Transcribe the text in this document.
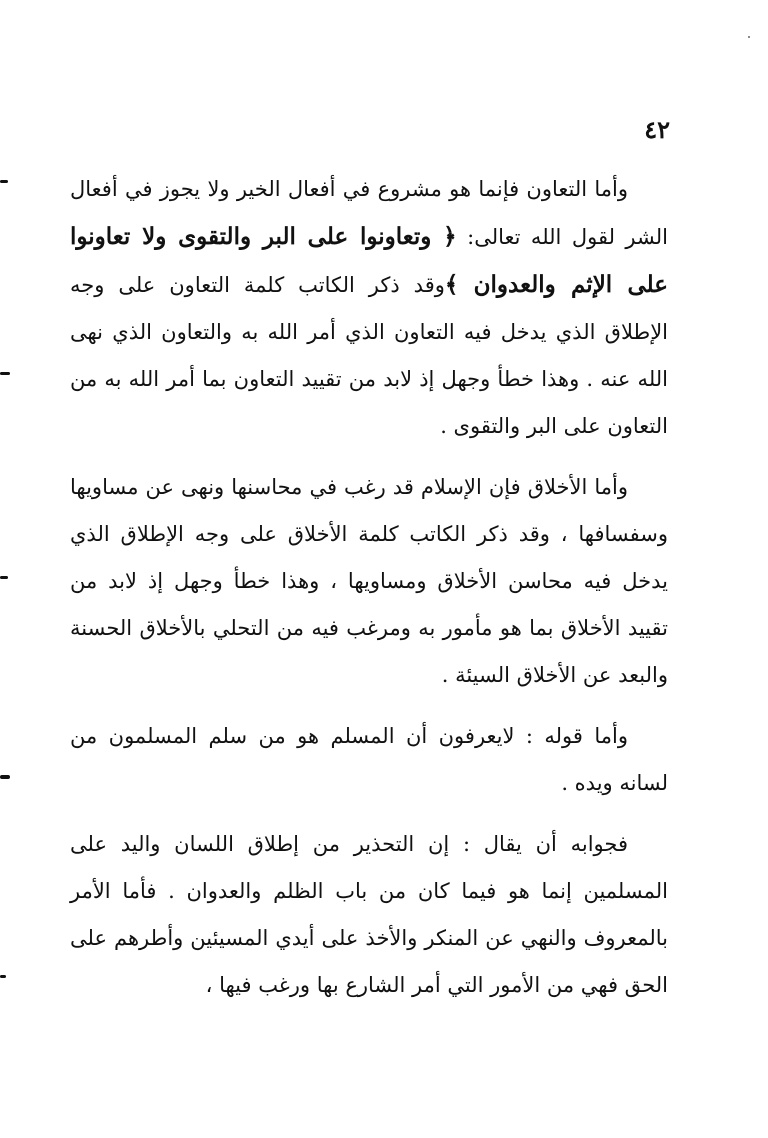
٤٢

وأما التعاون فإنما هو مشروع في أفعال الخير ولا يجوز في أفعال الشر لقول الله تعالى: ﴿ وتعاونوا على البر والتقوى ولا تعاونوا على الإثم والعدوان ﴾وقد ذكر الكاتب كلمة التعاون على وجه الإطلاق الذي يدخل فيه التعاون الذي أمر الله به والتعاون الذي نهى الله عنه . وهذا خطأ وجهل إذ لابد من تقييد التعاون بما أمر الله به من التعاون على البر والتقوى .

وأما الأخلاق فإن الإسلام قد رغب في محاسنها ونهى عن مساويها وسفسافها ، وقد ذكر الكاتب كلمة الأخلاق على وجه الإطلاق الذي يدخل فيه محاسن الأخلاق ومساويها ، وهذا خطأ وجهل إذ لابد من تقييد الأخلاق بما هو مأمور به ومرغب فيه من التحلي بالأخلاق الحسنة والبعد عن الأخلاق السيئة .

وأما قوله : لايعرفون أن المسلم هو من سلم المسلمون من لسانه ويده .

فجوابه أن يقال : إن التحذير من إطلاق اللسان واليد على المسلمين إنما هو فيما كان من باب الظلم والعدوان . فأما الأمر بالمعروف والنهي عن المنكر والأخذ على أيدي المسيئين وأطرهم على الحق فهي من الأمور التي أمر الشارع بها ورغب فيها ،
